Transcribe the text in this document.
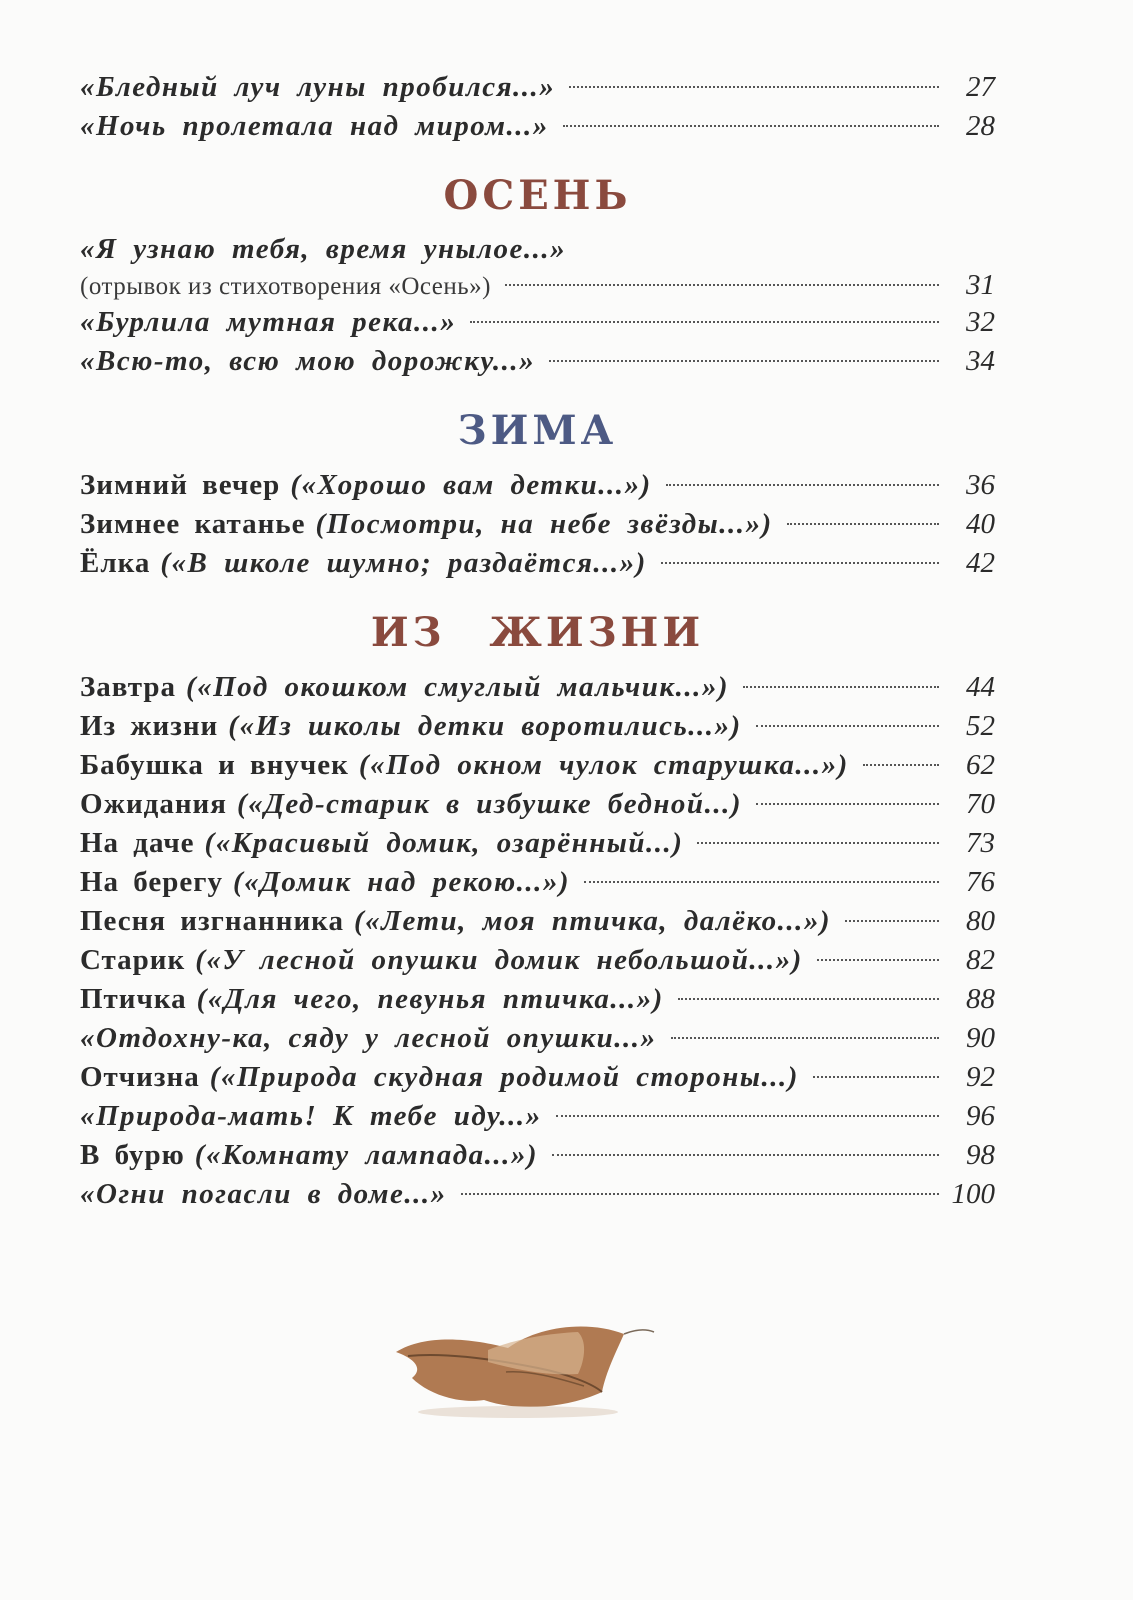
«Бледный луч луны пробился...»	27
«Ночь пролетала над миром...»	28
ОСЕНЬ
«Я узнаю тебя, время унылое...»
(отрывок из стихотворения «Осень»)	31
«Бурлила мутная река...»	32
«Всю-то, всю мою дорожку...»	34
ЗИМА
Зимний вечер («Хорошо вам детки...»)	36
Зимнее катанье (Посмотри, на небе звёзды...»)	40
Ёлка («В школе шумно; раздаётся...»)	42
ИЗ ЖИЗНИ
Завтра («Под окошком смуглый мальчик...»)	44
Из жизни («Из школы детки воротились...»)	52
Бабушка и внучек («Под окном чулок старушка...»)	62
Ожидания («Дед-старик в избушке бедной...)	70
На даче («Красивый домик, озарённый...)	73
На берегу («Домик над рекою...»)	76
Песня изгнанника («Лети, моя птичка, далёко...»)	80
Старик («У лесной опушки домик небольшой...»)	82
Птичка («Для чего, певунья птичка...»)	88
«Отдохну-ка, сяду у лесной опушки...»	90
Отчизна («Природа скудная родимой стороны...)	92
«Природа-мать! К тебе иду...»	96
В бурю («Комнату лампада...»)	98
«Огни погасли в доме...»	100
